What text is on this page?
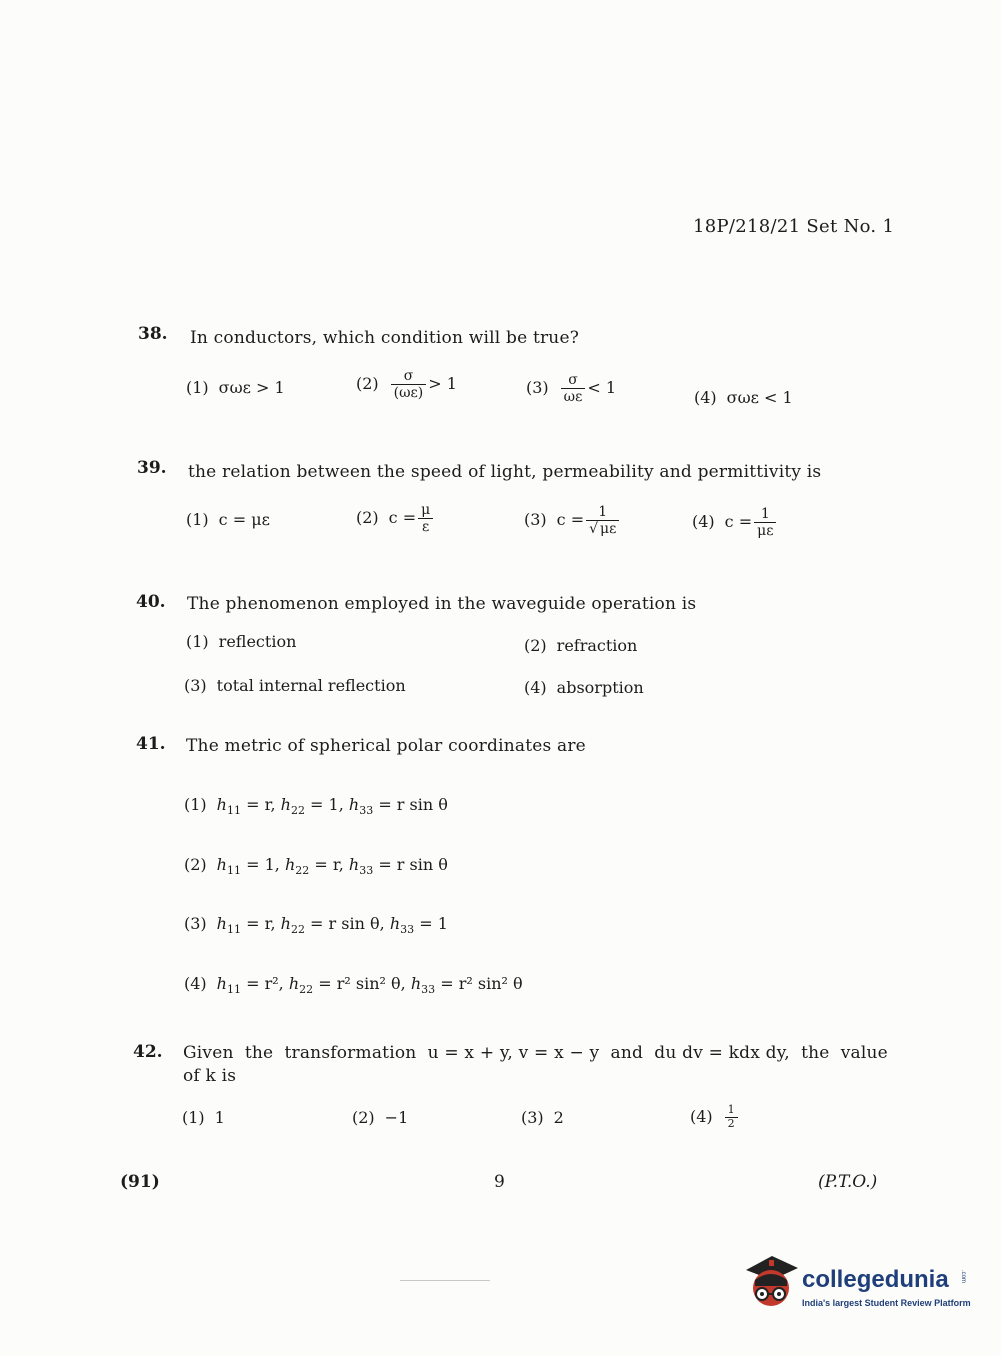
18P/218/21 Set No. 1
38. In conductors, which condition will be true?
(1) σωε > 1	$(2) \frac{\sigma}{(\omega\varepsilon)} > 1$	$(3) \frac{\sigma}{\omega\varepsilon} < 1$
(4) σωε < 1
39. the relation between the speed of light, permeability and permittivity is
(1) c = με	(2) $c = \frac{\mu}{\varepsilon}$	(3) $c = \frac{1}{√ \mu\varepsilon}$	(4) $c = \frac{1}{\mu\varepsilon}$
40. The phenomenon employed in the waveguide operation is
(1) reflection	(2) refraction
(3) total internal reflection	(4) absorption
41. The metric of spherical polar coordinates are
(1) $h_{11} = r$, $h_{22} = 1$, $h_{33} = r$ sin θ
(2) $h_{11} = 1$, $h_{22} = r$, $h_{33} = r$ sin θ
(3) $h_{11} = r$, $h_{22} = r$ sin θ, $h_{33} = 1$
(4) $h_{11} = r^2$, $h_{22} = r^2$ sin² θ, $h_{33} = r^2$ sin² θ
42. Given  the  transformation  u = x + y, v = x − y  and  du dv = kdx dy,  the  value
of k is
(1) 1	(2) −1	(3) 2	$(4) \frac{1}{2}$
(91)	9	(P.T.O.)
collegedunia .com
India's largest Student Review Platform
